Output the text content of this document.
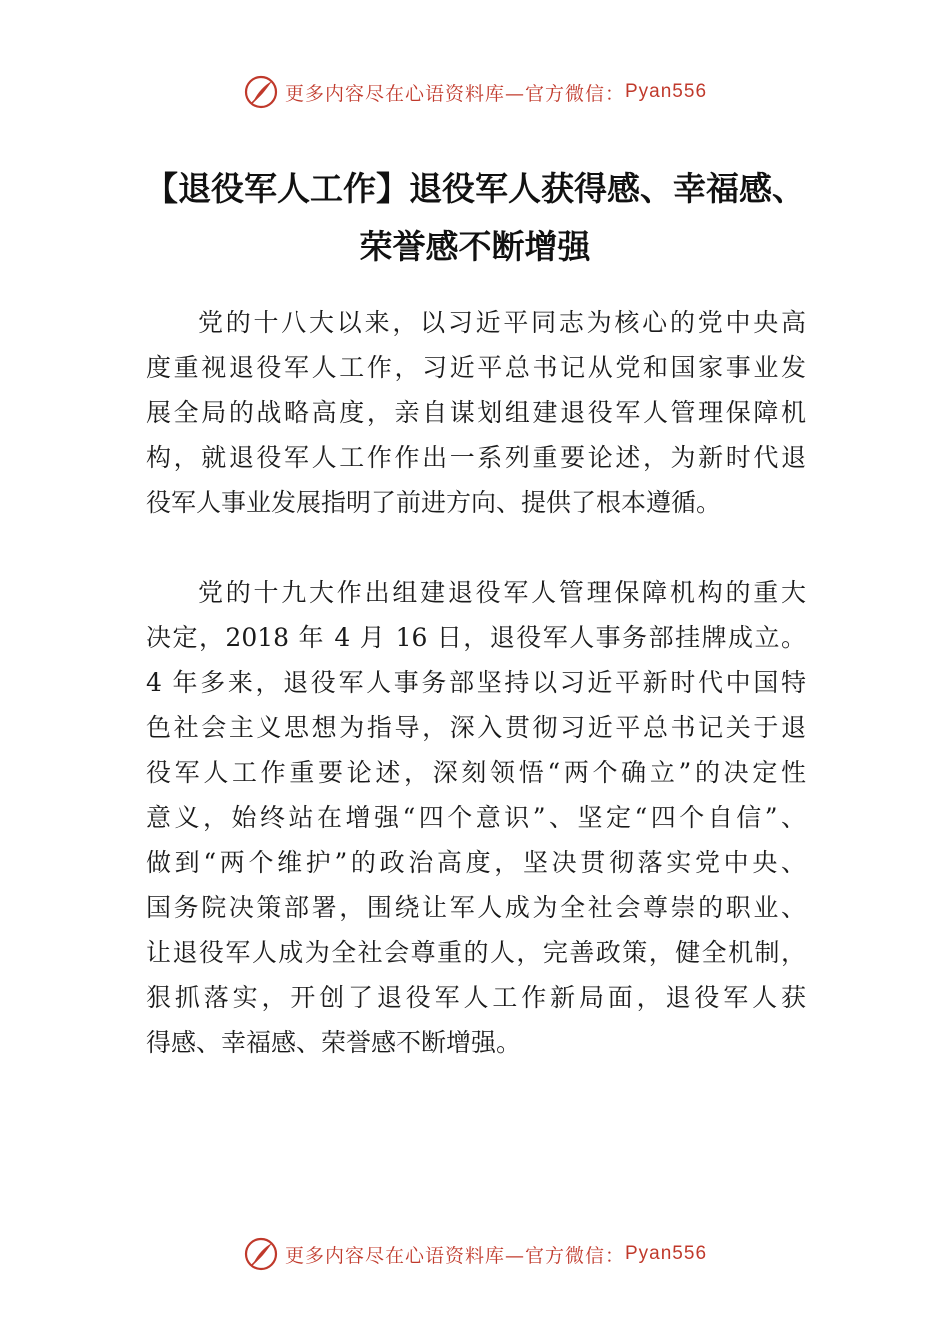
更多内容尽在心语资料库—官方微信： Pyan556
【退役军人工作】退役军人获得感、幸福感、
荣誉感不断增强

党的十八大以来，以习近平同志为核心的党中央高
度重视退役军人工作，习近平总书记从党和国家事业发
展全局的战略高度，亲自谋划组建退役军人管理保障机
构，就退役军人工作作出一系列重要论述，为新时代退
役军人事业发展指明了前进方向、提供了根本遵循。

党的十九大作出组建退役军人管理保障机构的重大
决定，2018 年 4 月 16 日，退役军人事务部挂牌成立。
4 年多来，退役军人事务部坚持以习近平新时代中国特
色社会主义思想为指导，深入贯彻习近平总书记关于退
役军人工作重要论述，深刻领悟“两个确立”的决定性
意义，始终站在增强“四个意识”、坚定“四个自信”、
做到“两个维护”的政治高度，坚决贯彻落实党中央、
国务院决策部署，围绕让军人成为全社会尊崇的职业、
让退役军人成为全社会尊重的人，完善政策，健全机制，
狠抓落实，开创了退役军人工作新局面，退役军人获
得感、幸福感、荣誉感不断增强。

更多内容尽在心语资料库—官方微信： Pyan556
